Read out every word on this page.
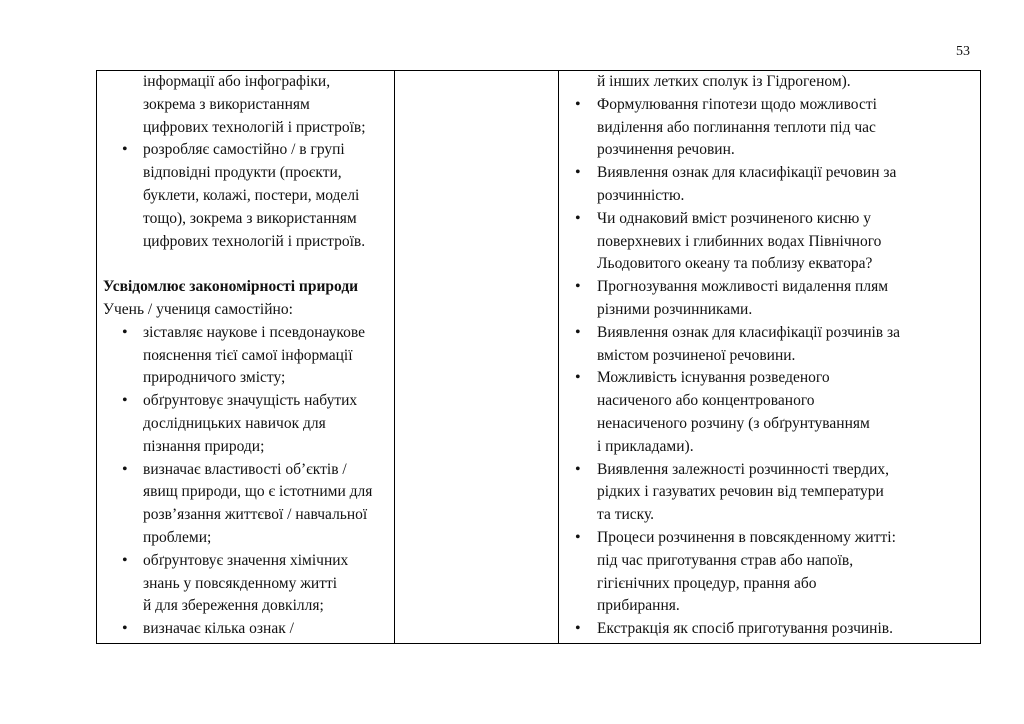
53
інформації або інфографіки,
зокрема з використанням
цифрових технологій і пристроїв;
• розробляє самостійно / в групі
відповідні продукти (проєкти,
буклети, колажі, постери, моделі
тощо), зокрема з використанням
цифрових технологій і пристроїв.

Усвідомлює закономірності природи

Учень / учениця самостійно:

• зіставляє наукове і псевдонаукове
пояснення тієї самої інформації
природничого змісту;
• обґрунтовує значущість набутих
дослідницьких навичок для
пізнання природи;
• визначає властивості об’єктів /
явищ природи, що є істотними для
розв’язання життєвої / навчальної
проблеми;
• обґрунтовує значення хімічних
знань у повсякденному житті
й для збереження довкілля;
• визначає кілька ознак /

й інших летких сполук із Гідрогеном).
• Формулювання гіпотези щодо можливості
виділення або поглинання теплоти під час
розчинення речовин.
• Виявлення ознак для класифікації речовин за
розчинністю.
• Чи однаковий вміст розчиненого кисню у
поверхневих і глибинних водах Північного
Льодовитого океану та поблизу екватора?
• Прогнозування можливості видалення плям
різними розчинниками.
• Виявлення ознак для класифікації розчинів за
вмістом розчиненої речовини.
• Можливість існування розведеного
насиченого або концентрованого
ненасиченого розчину (з обґрунтуванням
і прикладами).
• Виявлення залежності розчинності твердих,
рідких і газуватих речовин від температури
та тиску.
• Процеси розчинення в повсякденному житті:
під час приготування страв або напоїв,
гігієнічних процедур, прання або
прибирання.
• Екстракція як спосіб приготування розчинів.
